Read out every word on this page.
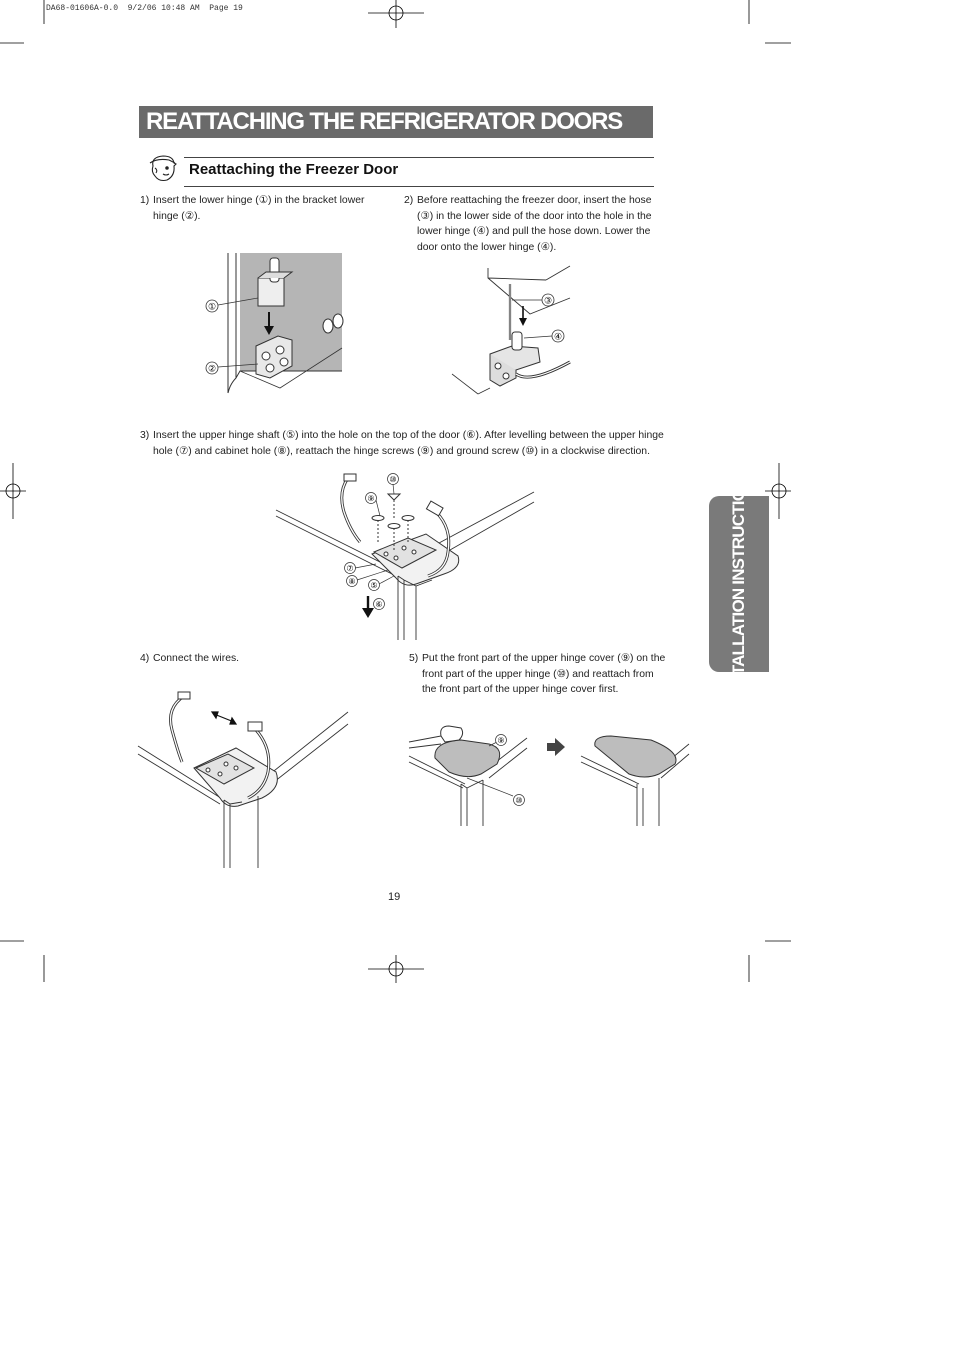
DA68-01606A-0.0  9/2/06 10:48 AM  Page 19
REATTACHING THE REFRIGERATOR DOORS
Reattaching the Freezer Door
1) Insert the lower hinge (①) in the bracket lower hinge (②).
2) Before reattaching the freezer door, insert the hose (③) in the lower side of the door into the hole in the lower hinge (④) and pull the hose down. Lower the door onto the lower hinge (④).
①
②
③
④
3) Insert the upper hinge shaft (⑤) into the hole on the top of the door (⑥). After levelling between the upper hinge hole (⑦) and cabinet hole (⑧), reattach the hinge screws (⑨) and ground screw (⑩) in a clockwise direction.
⑩
⑨
⑦
⑧ ⑤
⑥
4) Connect the wires.	5) Put the front part of the upper hinge cover (⑨) on the front part of the upper hinge (⑩) and reattach from the front part of the upper hinge cover first.
⑨
⑩
INSTALLATION INSTRUCTIONS
19
